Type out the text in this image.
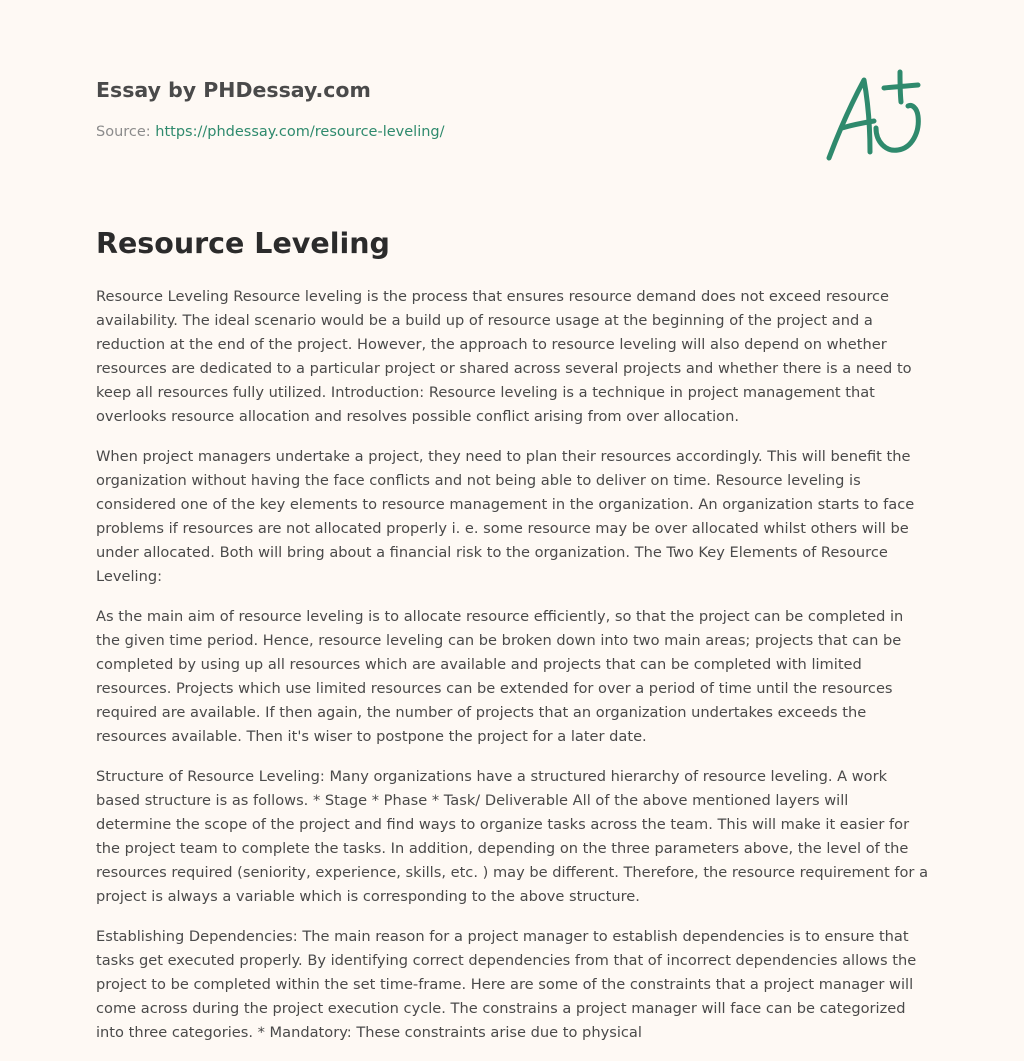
Essay by PHDessay.com
Source: https://phdessay.com/resource-leveling/
Resource Leveling

Resource Leveling Resource leveling is the process that ensures resource demand does not exceed resource availability. The ideal scenario would be a build up of resource usage at the beginning of the project and a reduction at the end of the project. However, the approach to resource leveling will also depend on whether resources are dedicated to a particular project or shared across several projects and whether there is a need to keep all resources fully utilized. Introduction: Resource leveling is a technique in project management that overlooks resource allocation and resolves possible conflict arising from over allocation.

When project managers undertake a project, they need to plan their resources accordingly. This will benefit the organization without having the face conflicts and not being able to deliver on time. Resource leveling is considered one of the key elements to resource management in the organization. An organization starts to face problems if resources are not allocated properly i. e. some resource may be over allocated whilst others will be under allocated. Both will bring about a financial risk to the organization. The Two Key Elements of Resource Leveling:

As the main aim of resource leveling is to allocate resource efficiently, so that the project can be completed in the given time period. Hence, resource leveling can be broken down into two main areas; projects that can be completed by using up all resources which are available and projects that can be completed with limited resources. Projects which use limited resources can be extended for over a period of time until the resources required are available. If then again, the number of projects that an organization undertakes exceeds the resources available. Then it's wiser to postpone the project for a later date.

Structure of Resource Leveling: Many organizations have a structured hierarchy of resource leveling. A work based structure is as follows. * Stage * Phase * Task/ Deliverable All of the above mentioned layers will determine the scope of the project and find ways to organize tasks across the team. This will make it easier for the project team to complete the tasks. In addition, depending on the three parameters above, the level of the resources required (seniority, experience, skills, etc. ) may be different. Therefore, the resource requirement for a project is always a variable which is corresponding to the above structure.

Establishing Dependencies: The main reason for a project manager to establish dependencies is to ensure that tasks get executed properly. By identifying correct dependencies from that of incorrect dependencies allows the project to be completed within the set time-frame. Here are some of the constraints that a project manager will come across during the project execution cycle. The constrains a project manager will face can be categorized into three categories. * Mandatory: These constraints arise due to physical
